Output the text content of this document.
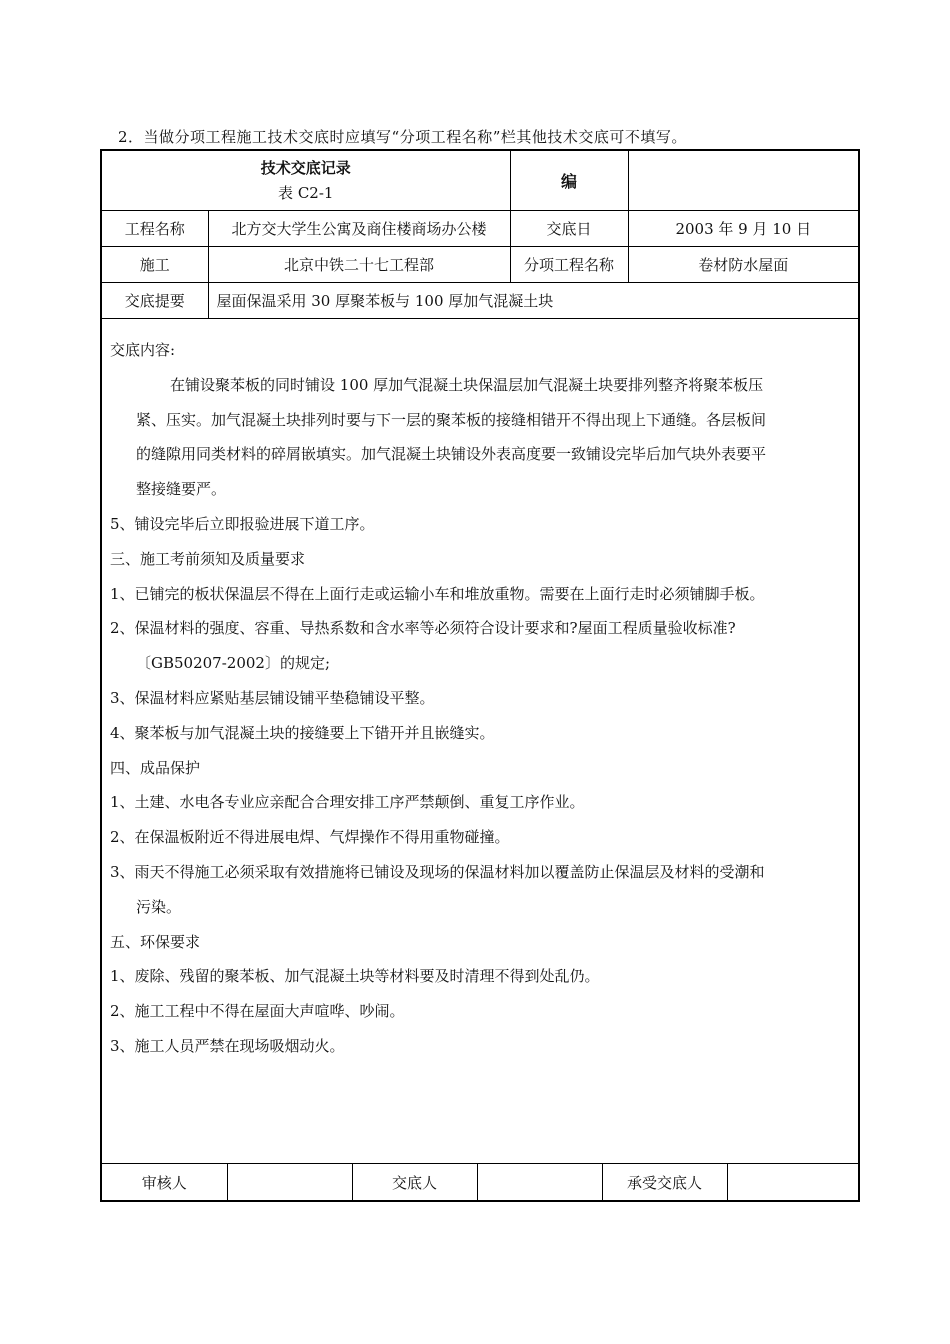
2．当做分项工程施工技术交底时应填写“分项工程名称”栏其他技术交底可不填写。
技术交底记录
表 C2-1		编	
工程名称	北方交大学生公寓及商住楼商场办公楼	交底日	2003 年 9 月 10 日
施工	北京中铁二十七工程部	分项工程名称	卷材防水屋面
交底提要	屋面保温采用 30 厚聚苯板与 100 厚加气混凝土块		

交底内容:

在铺设聚苯板的同时铺设 100 厚加气混凝土块保温层加气混凝土块要排列整齐将聚苯板压

紧、压实。加气混凝土块排列时要与下一层的聚苯板的接缝相错开不得出现上下通缝。各层板间

的缝隙用同类材料的碎屑嵌填实。加气混凝土块铺设外表高度要一致铺设完毕后加气块外表要平

整接缝要严。

5、铺设完毕后立即报验进展下道工序。

三、施工考前须知及质量要求

1、已铺完的板状保温层不得在上面行走或运输小车和堆放重物。需要在上面行走时必须铺脚手板。

2、保温材料的强度、容重、导热系数和含水率等必须符合设计要求和?屋面工程质量验收标准?

〔GB50207-2002〕的规定;

3、保温材料应紧贴基层铺设铺平垫稳铺设平整。

4、聚苯板与加气混凝土块的接缝要上下错开并且嵌缝实。

四、成品保护

1、土建、水电各专业应亲配合合理安排工序严禁颠倒、重复工序作业。

2、在保温板附近不得进展电焊、气焊操作不得用重物碰撞。

3、雨天不得施工必须采取有效措施将已铺设及现场的保温材料加以覆盖防止保温层及材料的受潮和

污染。

五、环保要求

1、废除、残留的聚苯板、加气混凝土块等材料要及时清理不得到处乱仍。

2、施工工程中不得在屋面大声喧哗、吵闹。

3、施工人员严禁在现场吸烟动火。

审核人		交底人		承受交底人	
